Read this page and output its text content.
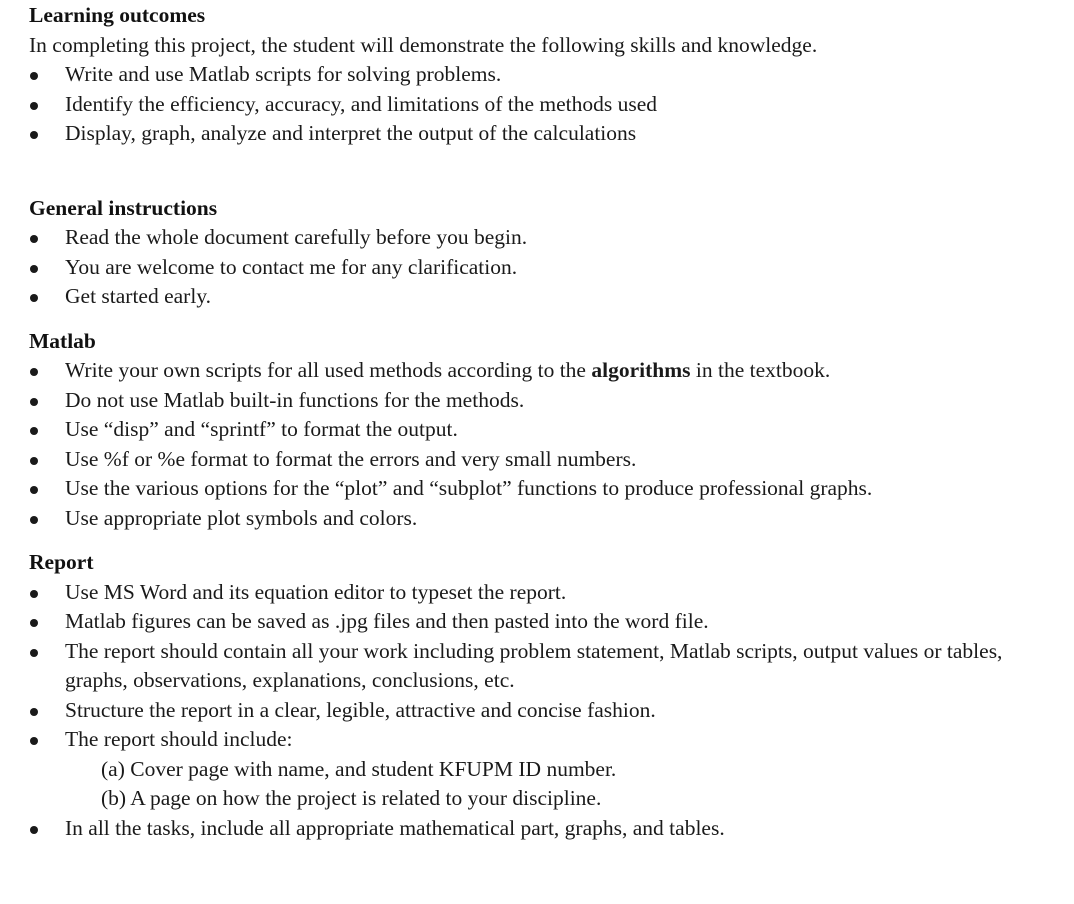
Learning outcomes
In completing this project, the student will demonstrate the following skills and knowledge.
Write and use Matlab scripts for solving problems.
Identify the efficiency, accuracy, and limitations of the methods used
Display, graph, analyze and interpret the output of the calculations
General instructions
Read the whole document carefully before you begin.
You are welcome to contact me for any clarification.
Get started early.
Matlab
Write your own scripts for all used methods according to the algorithms in the textbook.
Do not use Matlab built-in functions for the methods.
Use “disp” and “sprintf” to format the output.
Use %f or %e format to format the errors and very small numbers.
Use the various options for the “plot” and “subplot” functions to produce professional graphs.
Use appropriate plot symbols and colors.
Report
Use MS Word and its equation editor to typeset the report.
Matlab figures can be saved as .jpg files and then pasted into the word file.
The report should contain all your work including problem statement, Matlab scripts, output values or tables, graphs, observations, explanations, conclusions, etc.
Structure the report in a clear, legible, attractive and concise fashion.
The report should include:
(a) Cover page with name, and student KFUPM ID number.
(b) A page on how the project is related to your discipline.
In all the tasks, include all appropriate mathematical part, graphs, and tables.
